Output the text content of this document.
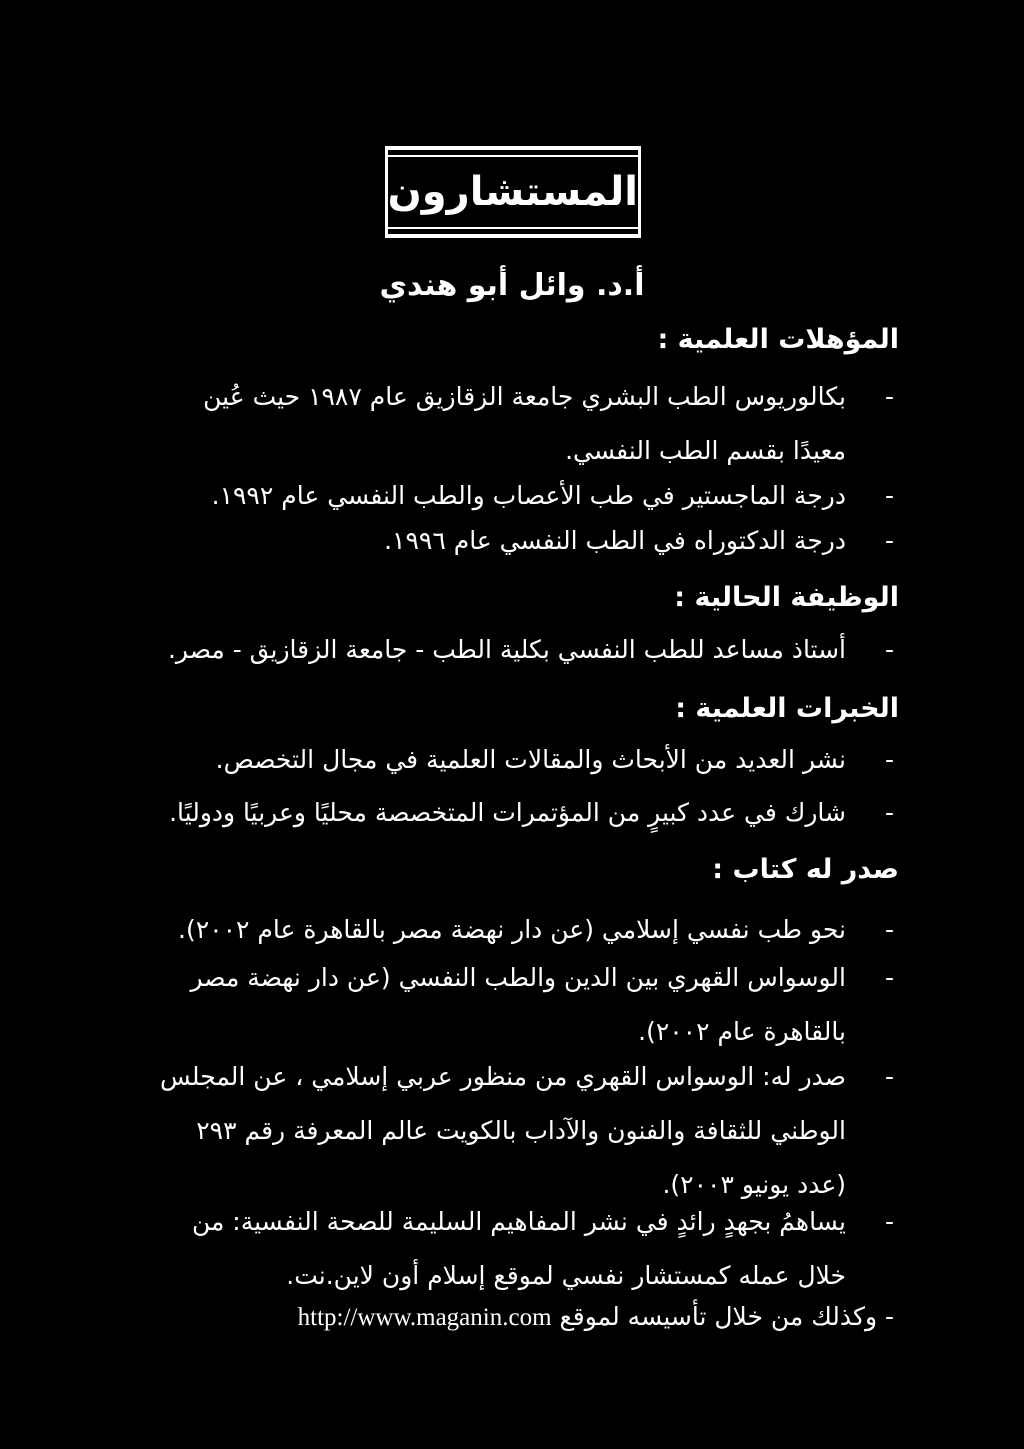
المستشارون
أ.د. وائل أبو هندي
المؤهلات العلمية :
-
بكالوريوس الطب البشري جامعة الزقازيق عام ١٩٨٧ حيث عُين معيدًا بقسم الطب النفسي.
-
درجة الماجستير في طب الأعصاب والطب النفسي عام ١٩٩٢.
-
درجة الدكتوراه في الطب النفسي عام ١٩٩٦.
الوظيفة الحالية :
-
أستاذ مساعد للطب النفسي بكلية الطب - جامعة الزقازيق - مصر.
الخبرات العلمية :
-
نشر العديد من الأبحاث والمقالات العلمية في مجال التخصص.
-
شارك في عدد كبيرٍ من المؤتمرات المتخصصة محليًا وعربيًا ودوليًا.
صدر له كتاب :
-
نحو طب نفسي إسلامي (عن دار نهضة مصر بالقاهرة عام ٢٠٠٢).
-
الوسواس القهري بين الدين والطب النفسي (عن دار نهضة مصر بالقاهرة عام ٢٠٠٢).
-
صدر له: الوسواس القهري من منظور عربي إسلامي ، عن المجلس الوطني للثقافة والفنون والآداب بالكويت عالم المعرفة رقم ٢٩٣ (عدد يونيو ٢٠٠٣).
-
يساهمُ بجهدٍ رائدٍ في نشر المفاهيم السليمة للصحة النفسية: من خلال عمله كمستشار نفسي لموقع إسلام أون لاين.نت.
- وكذلك من خلال تأسيسه لموقع http://www.maganin.com
